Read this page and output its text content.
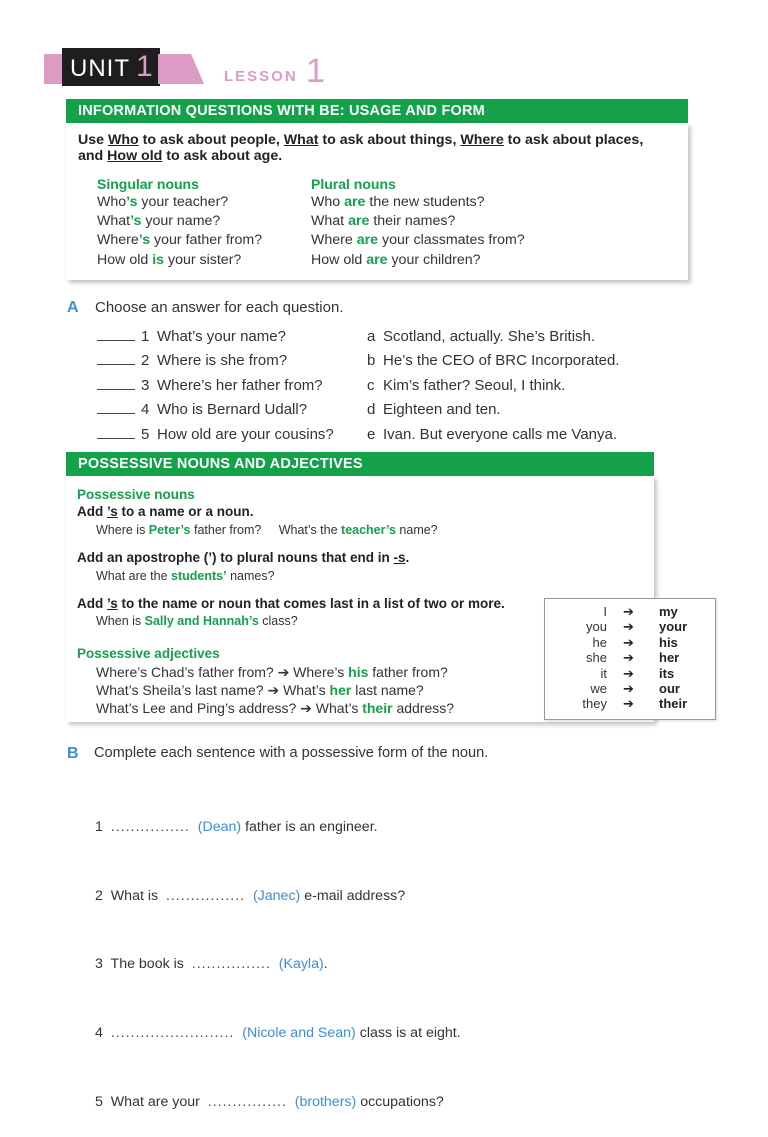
UNIT 1	LESSON 1
INFORMATION QUESTIONS WITH BE: USAGE AND FORM
Use Who to ask about people, What to ask about things, Where to ask about places,
and How old to ask about age.
Singular nouns
Who’s your teacher?
What’s your name?
Where’s your father from?
How old is your sister?
Plural nouns
Who are the new students?
What are their names?
Where are your classmates from?
How old are your children?
A Choose an answer for each question.
1 What’s your name?
2 Where is she from?
3 Where’s her father from?
4 Who is Bernard Udall?
5 How old are your cousins?
a Scotland, actually. She’s British.
b He’s the CEO of BRC Incorporated.
c Kim’s father? Seoul, I think.
d Eighteen and ten.
e Ivan. But everyone calls me Vanya.
POSSESSIVE NOUNS AND ADJECTIVES
Possessive nouns
Add ’s to a name or a noun.
Where is Peter’s father from?     What’s the teacher’s name?
Add an apostrophe (’) to plural nouns that end in -s.
What are the students’ names?
Add ’s to the name or noun that comes last in a list of two or more.
When is Sally and Hannah’s class?
Possessive adjectives
Where’s Chad’s father from? ➔ Where’s his father from?
What’s Sheila’s last name? ➔ What’s her last name?
What’s Lee and Ping’s address? ➔ What’s their address?
I ➔ my
you ➔ your
he ➔ his
she ➔ her
it ➔ its
we ➔ our
they ➔ their
B Complete each sentence with a possessive form of the noun.

1 ................ (Dean) father is an engineer.

2 What is  ................ (Janec) e-mail address?

3 The book is  ................ (Kayla).

4 ......................... (Nicole and Sean) class is at eight.

5 What are your  ................ (brothers) occupations?
